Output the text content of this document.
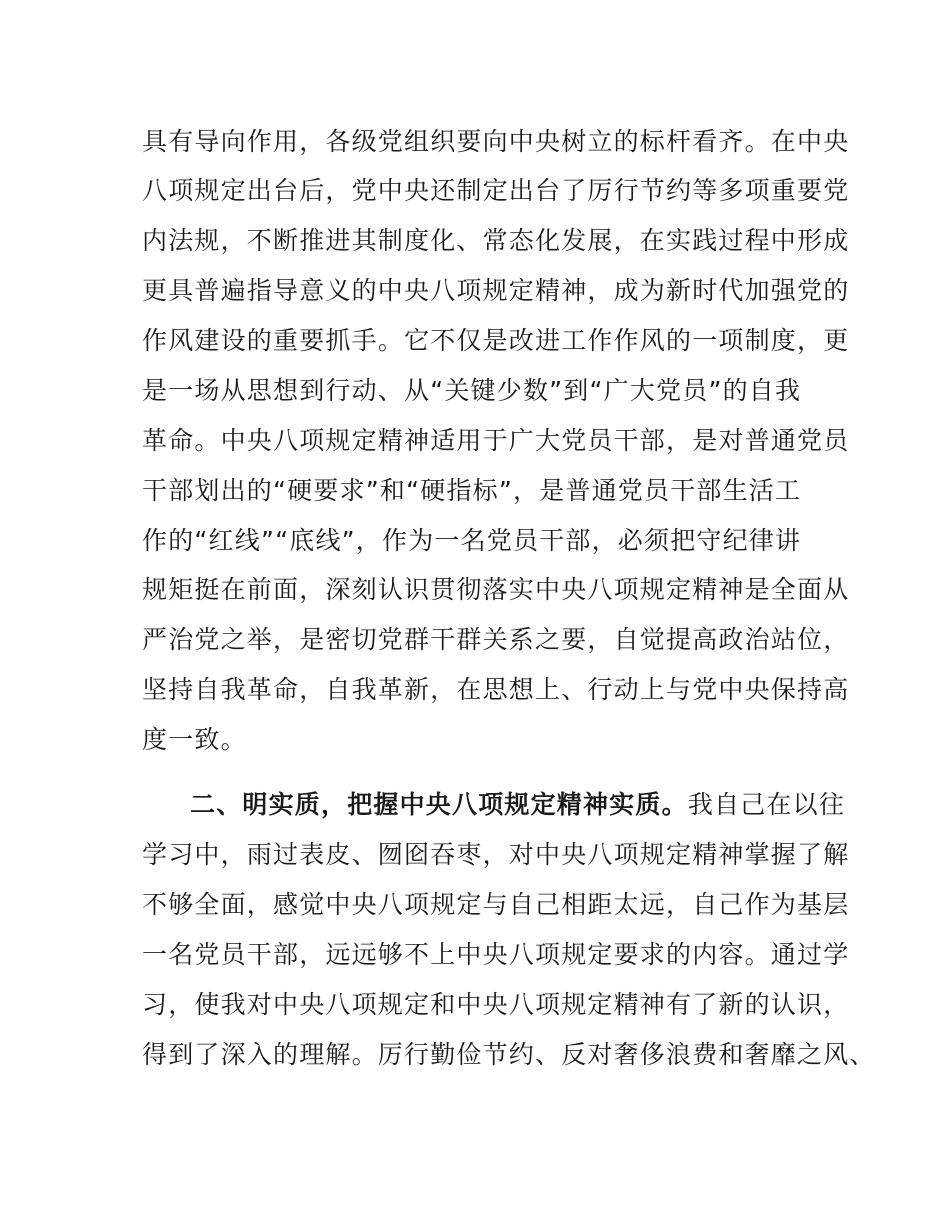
具有导向作用，各级党组织要向中央树立的标杆看齐。在中央
八项规定出台后，党中央还制定出台了厉行节约等多项重要党
内法规，不断推进其制度化、常态化发展，在实践过程中形成
更具普遍指导意义的中央八项规定精神，成为新时代加强党的
作风建设的重要抓手。它不仅是改进工作作风的一项制度，更
是一场从思想到行动、从“关键少数”到“广大党员”的自我
革命。中央八项规定精神适用于广大党员干部，是对普通党员
干部划出的“硬要求”和“硬指标”，是普通党员干部生活工
作的“红线”“底线”，作为一名党员干部，必须把守纪律讲
规矩挺在前面，深刻认识贯彻落实中央八项规定精神是全面从
严治党之举，是密切党群干群关系之要，自觉提高政治站位，
坚持自我革命，自我革新，在思想上、行动上与党中央保持高
度一致。
二、明实质，把握中央八项规定精神实质。我自己在以往
学习中，雨过表皮、囫囵吞枣，对中央八项规定精神掌握了解
不够全面，感觉中央八项规定与自己相距太远，自己作为基层
一名党员干部，远远够不上中央八项规定要求的内容。通过学
习，使我对中央八项规定和中央八项规定精神有了新的认识，
得到了深入的理解。厉行勤俭节约、反对奢侈浪费和奢靡之风、
